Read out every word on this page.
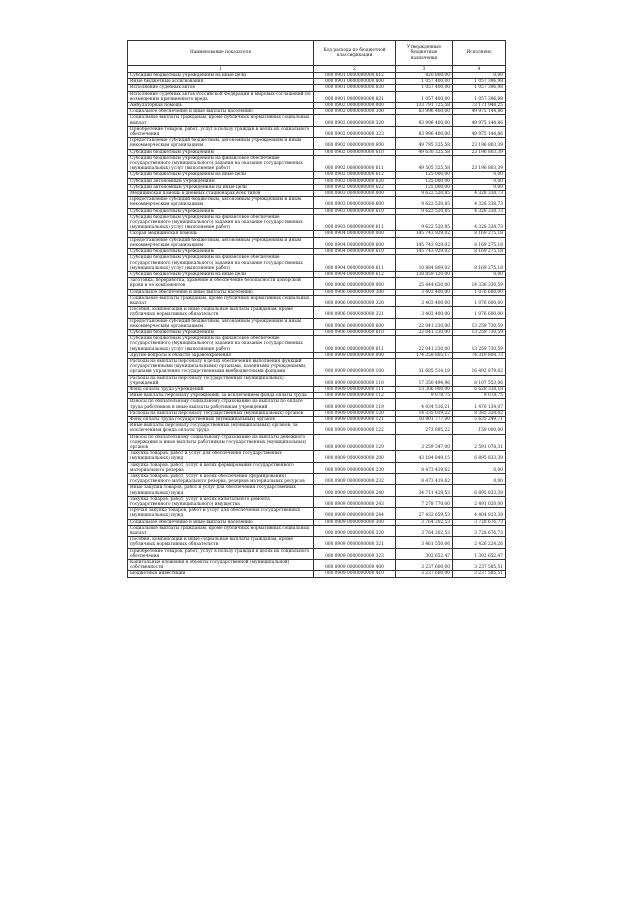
Наименование показателя	Код расхода по бюджетной классификации	Утвержденные бюджетные назначения	Исполнено
1	2	3	4
Субсидии бюджетным учреждениям на иные цели	000 0901 0000000000 612	820 800,00	0,00
Иные бюджетные ассигнования	000 0901 0000000000 800	1 057 400,00	1 057 396,98
Исполнение судебных актов	000 0901 0000000000 830	1 057 400,00	1 057 396,98
Исполнение судебных актов Российской Федерации и мировых соглашений по возмещению причиненного вреда	000 0901 0000000000 831	1 057 400,00	1 057 396,98
Амбулаторная помощь	000 0902 0000000000 000	133 791 725,58	73 171 948,25
Социальное обеспечение и иные выплаты населению	000 0902 0000000000 300	83 996 400,00	49 975 144,86
Социальные выплаты гражданам, кроме публичных нормативных социальных выплат	000 0902 0000000000 320	83 996 400,00	49 975 144,86
Приобретение товаров, работ, услуг в пользу граждан в целях их социального обеспечения	000 0902 0000000000 323	83 996 400,00	49 975 144,86
Предоставление субсидий бюджетным, автономным учреждениям и иным некоммерческим организациям	000 0902 0000000000 600	49 795 325,58	23 196 803,39
Субсидии бюджетным учреждениям	000 0902 0000000000 610	49 630 325,58	23 196 803,39
Субсидии бюджетным учреждениям на финансовое обеспечение государственного (муниципального) задания на оказание государственных (муниципальных) услуг (выполнение работ)	000 0902 0000000000 611	49 505 325,58	23 196 803,39
Субсидии бюджетным учреждениям на иные цели	000 0902 0000000000 612	125 000,00	0,00
Субсидии автономным учреждениям	000 0902 0000000000 620	125 000,00	0,00
Субсидии автономным учреждениям на иные цели	000 0902 0000000000 622	125 000,00	0,00
Медицинская помощь в дневных стационарах всех типов	000 0903 0000000000 000	9 622 520,85	4 328 338,73
Предоставление субсидий бюджетным, автономным учреждениям и иным некоммерческим организациям	000 0903 0000000000 600	9 622 520,85	4 328 338,73
Субсидии бюджетным учреждениям	000 0903 0000000000 610	9 622 520,85	4 328 338,73
Субсидии бюджетным учреждениям на финансовое обеспечение государственного (муниципального) задания на оказание государственных (муниципальных) услуг (выполнение работ)	000 0903 0000000000 611	9 622 520,85	4 328 338,73
Скорая медицинская помощь	000 0904 0000000000 000	145 743 929,02	8 169 275,18
Предоставление субсидий бюджетным, автономным учреждениям и иным некоммерческим организациям	000 0904 0000000000 600	145 743 929,02	8 169 275,18
Субсидии бюджетным учреждениям	000 0904 0000000000 610	145 743 929,02	8 169 275,18
Субсидии бюджетным учреждениям на финансовое обеспечение государственного (муниципального) задания на оказание государственных (муниципальных) услуг (выполнение работ)	000 0904 0000000000 611	10 884 809,02	8 169 275,18
Субсидии бюджетным учреждениям на иные цели	000 0904 0000000000 612	138 859 120,00	0,00
Заготовка, переработка, хранение и обеспечение безопасности донорской крови и ее компонентов	000 0906 0000000000 000	25 444 630,00	14 336 330,59
Социальное обеспечение и иные выплаты населению	000 0906 0000000000 300	3 403 400,00	1 076 600,00
Социальные выплаты гражданам, кроме публичных нормативных социальных выплат	000 0906 0000000000 320	3 403 400,00	1 076 600,00
Пособия, компенсации и иные социальные выплаты гражданам, кроме публичных нормативных обязательств	000 0906 0000000000 321	3 403 400,00	1 076 600,00
Предоставление субсидий бюджетным, автономным учреждениям и иным некоммерческим организациям	000 0906 0000000000 600	22 041 230,00	13 259 730,59
Субсидии бюджетным учреждениям	000 0906 0000000000 610	22 041 230,00	13 259 730,59
Субсидии бюджетным учреждениям на финансовое обеспечение государственного (муниципального) задания на оказание государственных (муниципальных) услуг (выполнение работ)	000 0906 0000000000 611	22 041 230,00	13 259 730,59
Другие вопросы в области здравоохранения	000 0909 0000000000 000	174 358 805,17	74 310 808,73
Расходы на выплаты персоналу в целях обеспечения выполнения функций государственными (муниципальными) органами, казенными учреждениями, органами управления государственными внебюджетными фондами	000 0909 0000000000 100	31 685 514,18	16 492 879,02
Расходы на выплаты персоналу государственных (муниципальных) учреждений	000 0909 0000000000 110	17 350 494,96	8 107 553,06
Фонд оплаты труда учреждений	000 0909 0000000000 111	13 306 900,00	6 628 338,18
Иные выплаты персоналу учреждений, за исключением фонда оплаты труда	000 0909 0000000000 112	9 078,75	9 078,75
Взносы по обязательному социальному страхованию на выплаты по оплате труда работников и иные выплаты работникам учреждений	000 0909 0000000000 119	4 034 516,21	1 470 134,07
Расходы на выплаты персоналу государственных (муниципальных) органов	000 0909 0000000000 120	14 335 019,22	8 385 328,02
Фонд оплаты труда государственных (муниципальных) органов	000 0909 0000000000 121	10 801 777,00	5 635 249,71
Иные выплаты персоналу государственных (муниципальных) органов, за исключением фонда оплаты труда	000 0909 0000000000 122	273 895,22	159 000,00
Взносы по обязательному социальному страхованию на выплаты денежного содержания и иные выплаты работникам государственных (муниципальных) органов	000 0909 0000000000 129	3 259 347,00	2 591 078,31
Закупка товаров, работ и услуг для обеспечения государственных (муниципальных) нужд	000 0909 0000000000 200	43 184 849,15	6 895 833,39
Закупка товаров, работ, услуг в целях формирования государственного материального резерва	000 0909 0000000000 230	8 473 419,62	0,00
Закупка товаров, работ, услуг в целях обеспечения (формирования) государственного материального резерва, резервов материальных ресурсов	000 0909 0000000000 232	8 473 419,62	0,00
Иные закупки товаров, работ и услуг для обеспечения государственных (муниципальных) нужд	000 0909 0000000000 240	34 711 429,53	6 895 833,39
Закупка товаров, работ, услуг в целях капитального ремонта государственного (муниципального) имущества	000 0909 0000000000 243	7 278 770,00	2 491 020,00
Прочая закупка товаров, работ и услуг для обеспечения государственных (муниципальных) нужд	000 0909 0000000000 244	27 432 659,53	4 404 813,39
Социальное обеспечение и иные выплаты населению	000 0909 0000000000 300	3 764 202,53	3 728 676,73
Социальные выплаты гражданам, кроме публичных нормативных социальных выплат	000 0909 0000000000 320	3 764 202,53	3 728 676,73
Пособия, компенсации и иные социальные выплаты гражданам, кроме публичных нормативных обязательств	000 0909 0000000000 321	3 461 550,06	2 426 224,26
Приобретение товаров, работ, услуг в пользу граждан в целях их социального обеспечения	000 0909 0000000000 323	302 652,47	1 302 652,47
Капитальные вложения в объекты государственной (муниципальной) собственности	000 0909 0000000000 400	3 237 600,00	3 237 585,51
Бюджетные инвестиции	000 0909 0000000000 410	3 237 600,00	3 237 585,51
